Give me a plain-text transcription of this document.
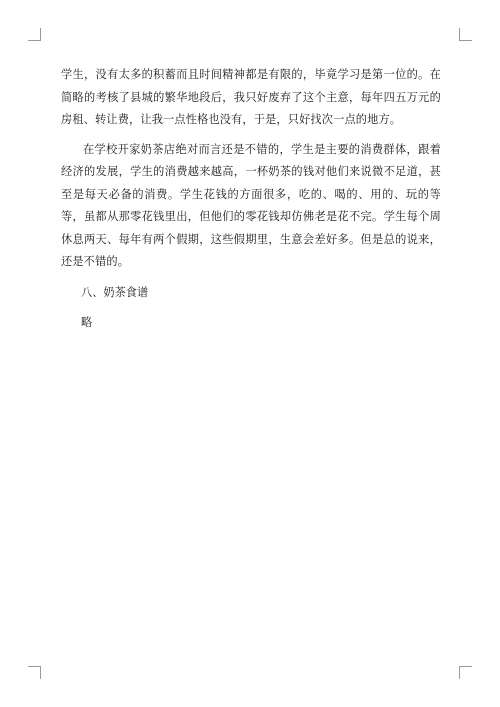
学生，没有太多的积蓄而且时间精神都是有限的，毕竟学习是第一位的。在简略的考核了县城的繁华地段后，我只好废弃了这个主意，每年四五万元的房租、转让费，让我一点性格也没有，于是，只好找次一点的地方。

在学校开家奶茶店绝对而言还是不错的，学生是主要的消费群体，跟着经济的发展，学生的消费越来越高，一杯奶茶的钱对他们来说微不足道，甚至是每天必备的消费。学生花钱的方面很多，吃的、喝的、用的、玩的等等，虽都从那零花钱里出，但他们的零花钱却仿佛老是花不完。学生每个周休息两天、每年有两个假期，这些假期里，生意会差好多。但是总的说来，还是不错的。

八、奶茶食谱

略
